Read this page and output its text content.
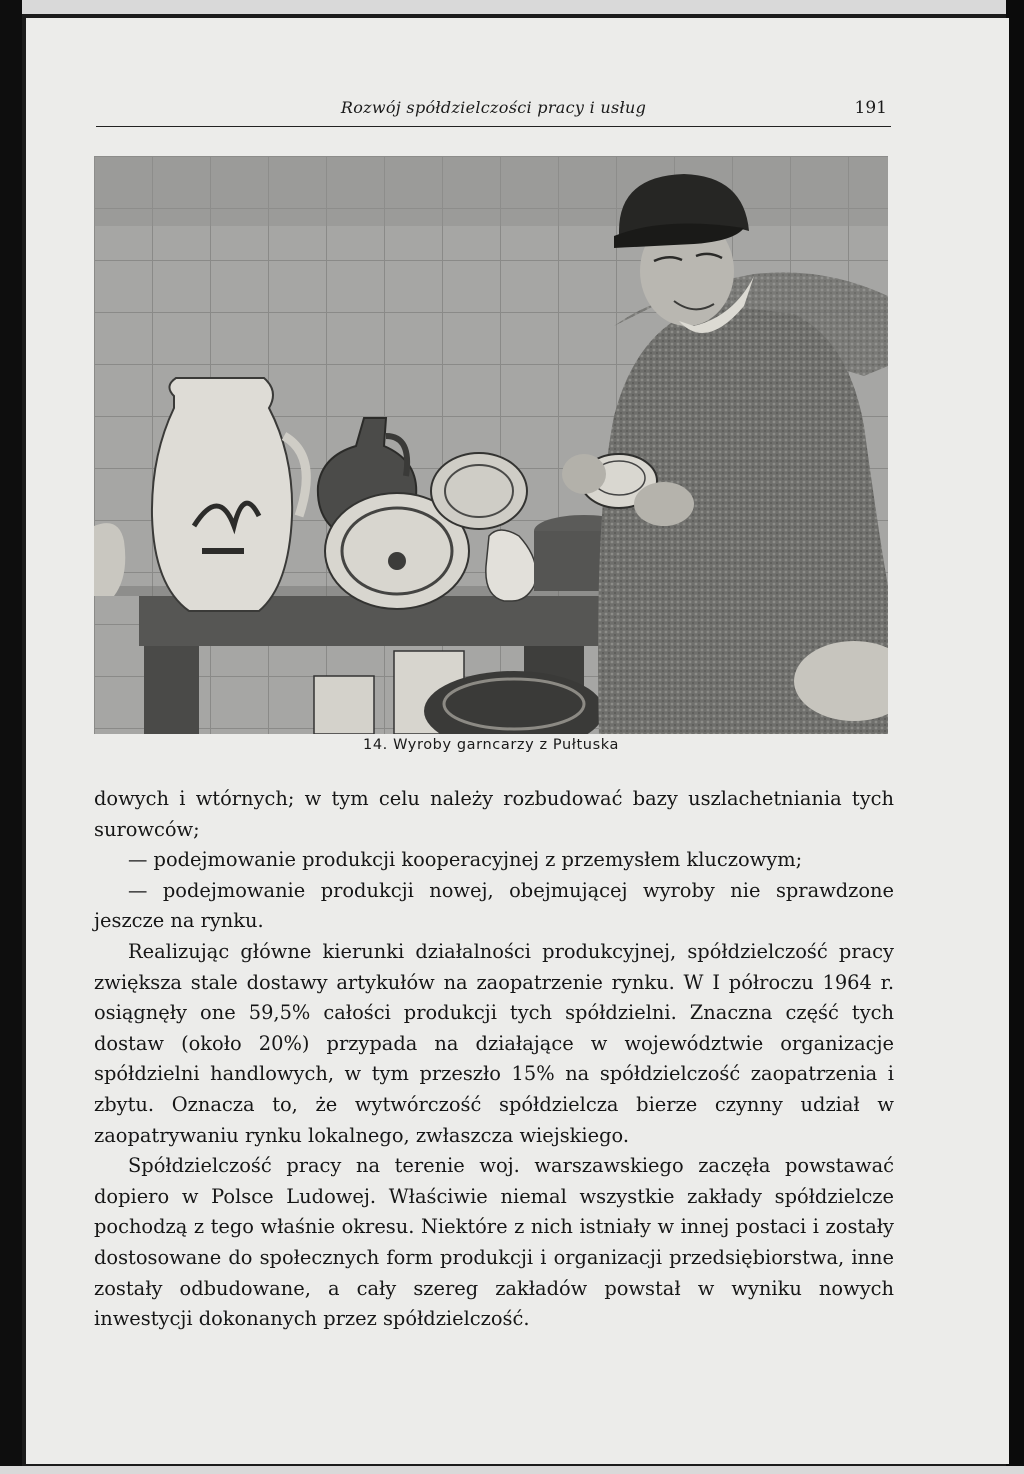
Rozwój spółdzielczości pracy i usług	191
14. Wyroby garncarzy z Pułtuska

dowych i wtórnych; w tym celu należy rozbudować bazy uszlachetniania tych surowców;

— podejmowanie produkcji kooperacyjnej z przemysłem kluczowym;

— podejmowanie produkcji nowej, obejmującej wyroby nie sprawdzone jeszcze na rynku.

Realizując główne kierunki działalności produkcyjnej, spółdzielczość pracy zwiększa stale dostawy artykułów na zaopatrzenie rynku. W I półroczu 1964 r. osiągnęły one 59,5% całości produkcji tych spółdzielni. Znaczna część tych dostaw (około 20%) przypada na działające w województwie organizacje spółdzielni handlowych, w tym przeszło 15% na spółdzielczość zaopatrzenia i zbytu. Oznacza to, że wytwórczość spółdzielcza bierze czynny udział w zaopatrywaniu rynku lokalnego, zwłaszcza wiejskiego.

Spółdzielczość pracy na terenie woj. warszawskiego zaczęła powstawać dopiero w Polsce Ludowej. Właściwie niemal wszystkie zakłady spółdzielcze pochodzą z tego właśnie okresu. Niektóre z nich istniały w innej postaci i zostały dostosowane do społecznych form produkcji i organizacji przedsiębiorstwa, inne zostały odbudowane, a cały szereg zakładów powstał w wyniku nowych inwestycji dokonanych przez spółdzielczość.
